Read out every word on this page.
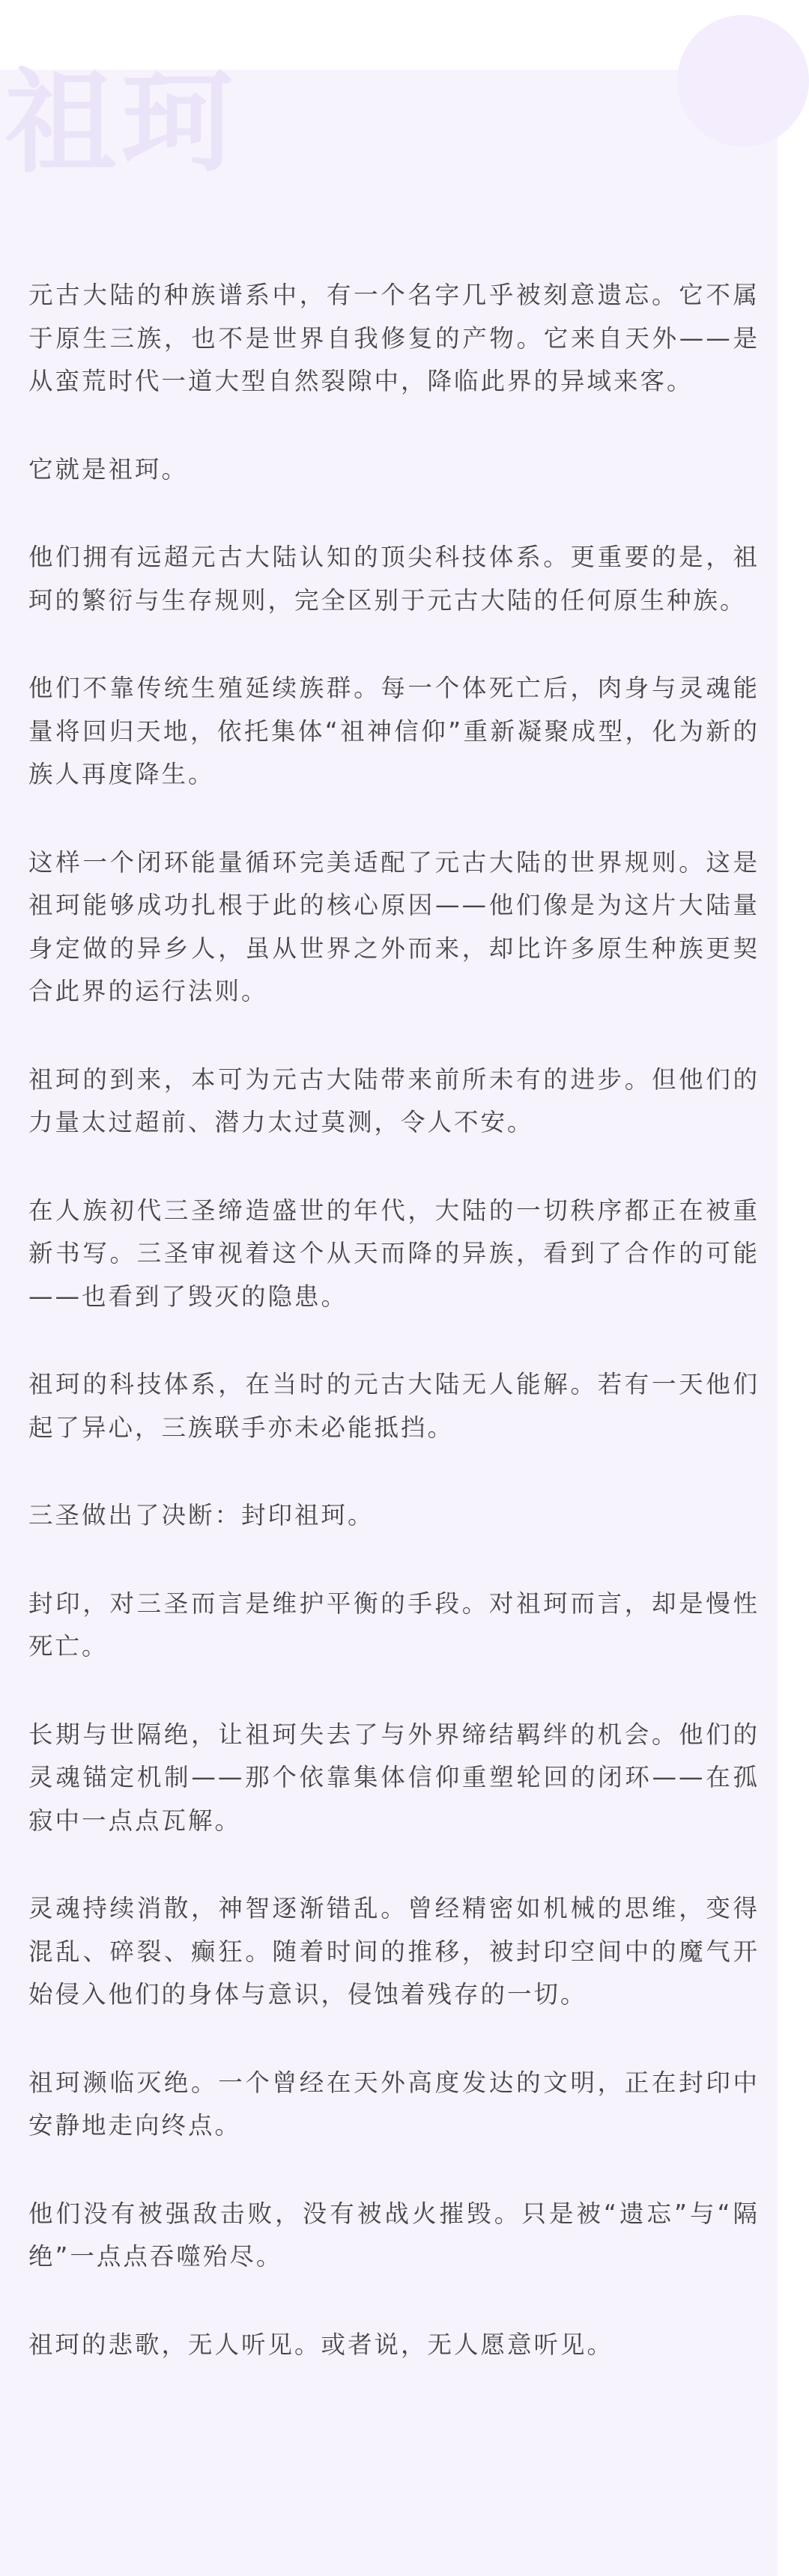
祖珂

元古大陆的种族谱系中，有一个名字几乎被刻意遗忘。它不属于原生三族，也不是世界自我修复的产物。它来自天外——是从蛮荒时代一道大型自然裂隙中，降临此界的异域来客。

它就是祖珂。

他们拥有远超元古大陆认知的顶尖科技体系。更重要的是，祖珂的繁衍与生存规则，完全区别于元古大陆的任何原生种族。

他们不靠传统生殖延续族群。每一个体死亡后，肉身与灵魂能量将回归天地，依托集体“祖神信仰”重新凝聚成型，化为新的族人再度降生。

这样一个闭环能量循环完美适配了元古大陆的世界规则。这是祖珂能够成功扎根于此的核心原因——他们像是为这片大陆量身定做的异乡人，虽从世界之外而来，却比许多原生种族更契合此界的运行法则。

祖珂的到来，本可为元古大陆带来前所未有的进步。但他们的力量太过超前、潜力太过莫测，令人不安。

在人族初代三圣缔造盛世的年代，大陆的一切秩序都正在被重新书写。三圣审视着这个从天而降的异族，看到了合作的可能——也看到了毁灭的隐患。

祖珂的科技体系，在当时的元古大陆无人能解。若有一天他们起了异心，三族联手亦未必能抵挡。

三圣做出了决断：封印祖珂。

封印，对三圣而言是维护平衡的手段。对祖珂而言，却是慢性死亡。

长期与世隔绝，让祖珂失去了与外界缔结羁绊的机会。他们的灵魂锚定机制——那个依靠集体信仰重塑轮回的闭环——在孤寂中一点点瓦解。

灵魂持续消散，神智逐渐错乱。曾经精密如机械的思维，变得混乱、碎裂、癫狂。随着时间的推移，被封印空间中的魔气开始侵入他们的身体与意识，侵蚀着残存的一切。

祖珂濒临灭绝。一个曾经在天外高度发达的文明，正在封印中安静地走向终点。

他们没有被强敌击败，没有被战火摧毁。只是被“遗忘”与“隔绝”一点点吞噬殆尽。

祖珂的悲歌，无人听见。或者说，无人愿意听见。
